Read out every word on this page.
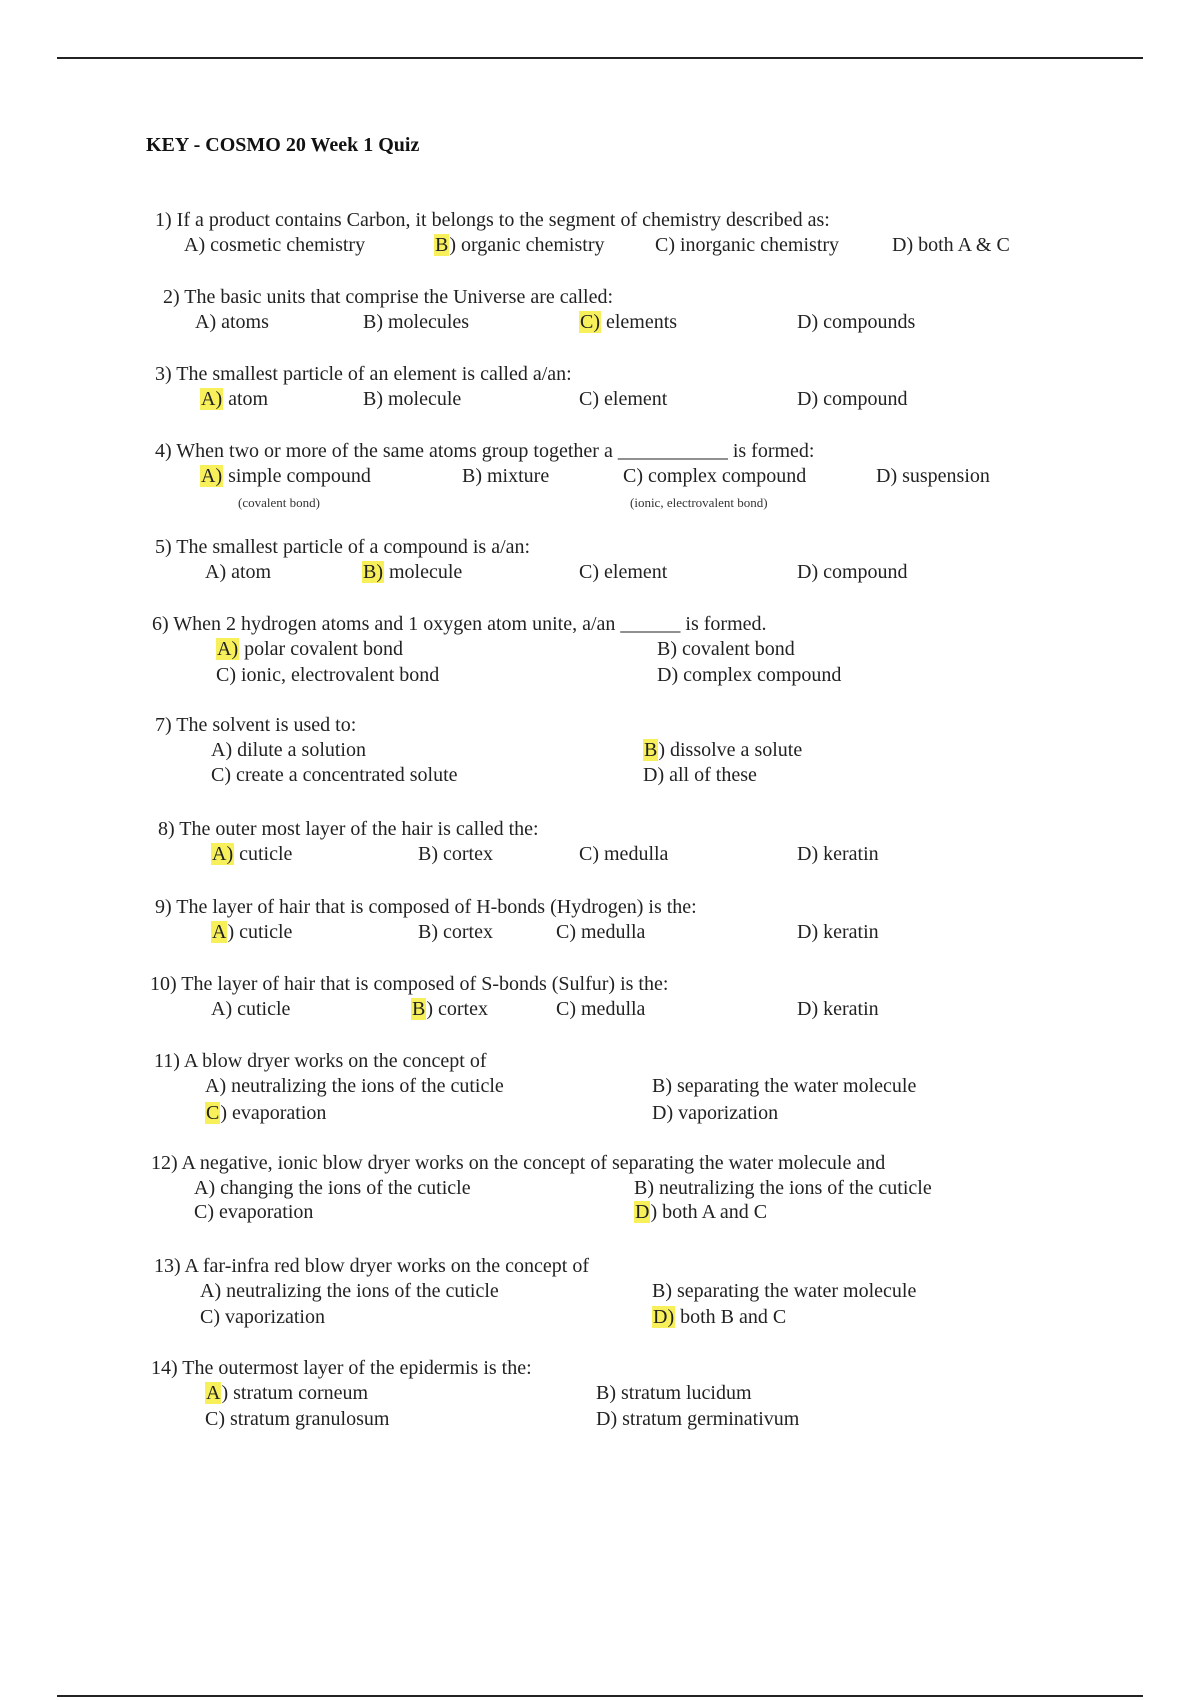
KEY - COSMO 20 Week 1 Quiz
1) If a product contains Carbon, it belongs to the segment of chemistry described as:
A) cosmetic chemistry	B) organic chemistry	C) inorganic chemistry	D) both A & C
2) The basic units that comprise the Universe are called:
A) atoms	B) molecules	C) elements	D) compounds
3) The smallest particle of an element is called a/an:
A) atom	B) molecule	C) element	D) compound
4) When two or more of the same atoms group together a ___________ is formed:
A) simple compound	B) mixture	C) complex compound	D) suspension
(covalent bond)	(ionic, electrovalent bond)
5) The smallest particle of a compound is a/an:
A) atom	B) molecule	C) element	D) compound
6) When 2 hydrogen atoms and 1 oxygen atom unite, a/an ______ is formed.
A) polar covalent bond	B) covalent bond
C) ionic, electrovalent bond	D) complex compound
7) The solvent is used to:
A) dilute a solution	B) dissolve a solute
C) create a concentrated solute	D) all of these
8) The outer most layer of the hair is called the:
A) cuticle	B) cortex	C) medulla	D) keratin
9) The layer of hair that is composed of H-bonds (Hydrogen) is the:
A) cuticle	B) cortex	C) medulla	D) keratin
10) The layer of hair that is composed of S-bonds (Sulfur) is the:
A) cuticle	B) cortex	C) medulla	D) keratin
11) A blow dryer works on the concept of
A) neutralizing the ions of the cuticle	B) separating the water molecule
C) evaporation	D) vaporization
12) A negative, ionic blow dryer works on the concept of separating the water molecule and
A) changing the ions of the cuticle	B) neutralizing the ions of the cuticle
C) evaporation	D) both A and C
13) A far-infra red blow dryer works on the concept of
A) neutralizing the ions of the cuticle	B) separating the water molecule
C) vaporization	D) both B and C
14) The outermost layer of the epidermis is the:
A) stratum corneum	B) stratum lucidum
C) stratum granulosum	D) stratum germinativum
